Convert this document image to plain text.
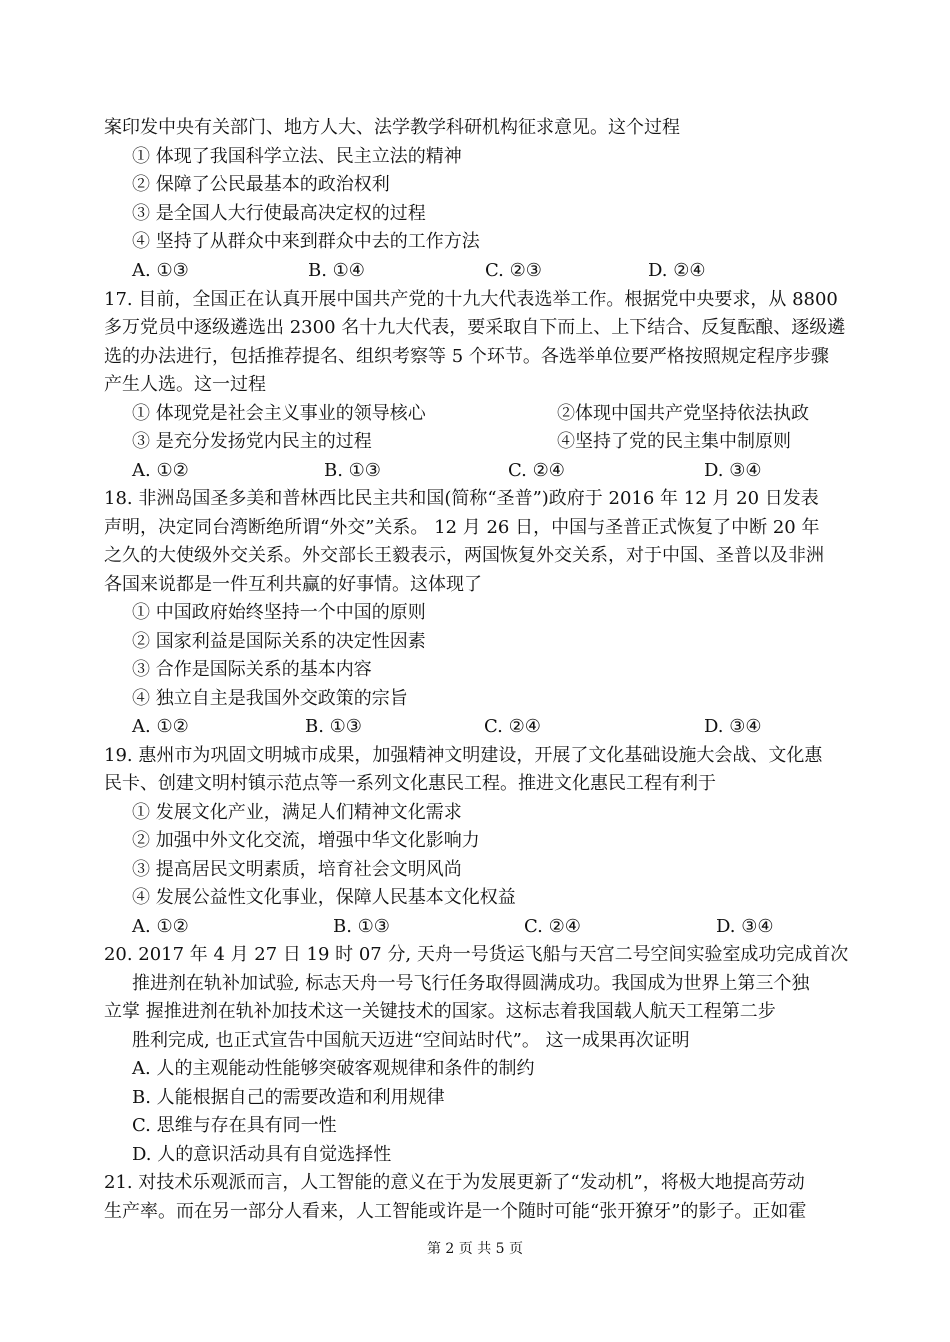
案印发中央有关部门、地方人大、法学教学科研机构征求意见。这个过程
① 体现了我国科学立法、民主立法的精神
② 保障了公民最基本的政治权利
③ 是全国人大行使最高决定权的过程
④ 坚持了从群众中来到群众中去的工作方法
A. ①③	B. ①④	C. ②③	D. ②④
17. 目前，全国正在认真开展中国共产党的十九大代表选举工作。根据党中央要求，从 8800
多万党员中逐级遴选出 2300 名十九大代表，要采取自下而上、上下结合、反复酝酿、逐级遴
选的办法进行，包括推荐提名、组织考察等 5 个环节。各选举单位要严格按照规定程序步骤
产生人选。这一过程
① 体现党是社会主义事业的领导核心	②体现中国共产党坚持依法执政
③ 是充分发扬党内民主的过程	④坚持了党的民主集中制原则
A. ①②	B. ①③	C. ②④	D. ③④
18. 非洲岛国圣多美和普林西比民主共和国(简称“圣普”)政府于 2016 年 12 月 20 日发表
声明，决定同台湾断绝所谓“外交”关系。 12 月 26 日，中国与圣普正式恢复了中断 20 年
之久的大使级外交关系。外交部长王毅表示，两国恢复外交关系，对于中国、圣普以及非洲
各国来说都是一件互利共赢的好事情。这体现了
① 中国政府始终坚持一个中国的原则
② 国家利益是国际关系的决定性因素
③ 合作是国际关系的基本内容
④ 独立自主是我国外交政策的宗旨
A. ①②	B. ①③	C. ②④	D. ③④
19. 惠州市为巩固文明城市成果，加强精神文明建设，开展了文化基础设施大会战、文化惠
民卡、创建文明村镇示范点等一系列文化惠民工程。推进文化惠民工程有利于
① 发展文化产业，满足人们精神文化需求
② 加强中外文化交流，增强中华文化影响力
③ 提高居民文明素质，培育社会文明风尚
④ 发展公益性文化事业，保障人民基本文化权益
A. ①②	B. ①③	C. ②④	D. ③④
20. 2017 年 4 月 27 日 19 时 07 分, 天舟一号货运飞船与天宫二号空间实验室成功完成首次
推进剂在轨补加试验, 标志天舟一号飞行任务取得圆满成功。我国成为世界上第三个独
立掌 握推进剂在轨补加技术这一关键技术的国家。这标志着我国载人航天工程第二步
胜利完成, 也正式宣告中国航天迈进“空间站时代”。 这一成果再次证明
A. 人的主观能动性能够突破客观规律和条件的制约
B. 人能根据自己的需要改造和利用规律
C. 思维与存在具有同一性
D. 人的意识活动具有自觉选择性
21. 对技术乐观派而言，人工智能的意义在于为发展更新了“发动机”，将极大地提高劳动
生产率。而在另一部分人看来，人工智能或许是一个随时可能“张开獠牙”的影子。正如霍
第 2 页 共 5 页
